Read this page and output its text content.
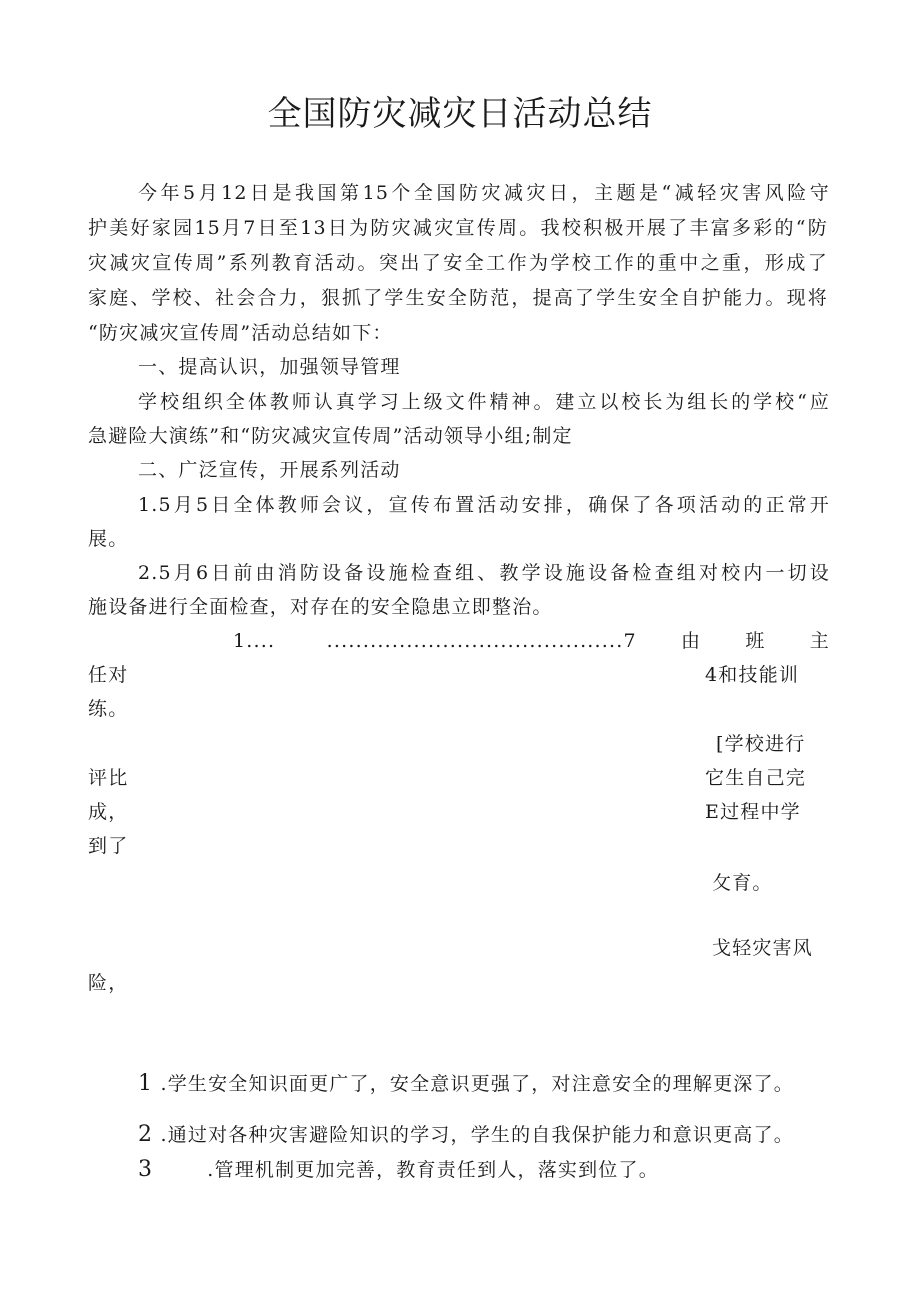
全国防灾减灾日活动总结
今年5月12日是我国第15个全国防灾减灾日，主题是“减轻灾害风险守
护美好家园15月7日至13日为防灾减灾宣传周。我校积极开展了丰富多彩的“防
灾减灾宣传周”系列教育活动。突出了安全工作为学校工作的重中之重，形成了
家庭、学校、社会合力，狠抓了学生安全防范，提高了学生安全自护能力。现将
“防灾减灾宣传周”活动总结如下：
一、提高认识，加强领导管理
学校组织全体教师认真学习上级文件精神。建立以校长为组长的学校“应
急避险大演练”和“防灾减灾宣传周”活动领导小组;制定
二、广泛宣传，开展系列活动
1.5月5日全体教师会议，宣传布置活动安排，确保了各项活动的正常开
展。
2.5月6日前由消防设备设施检查组、教学设施设备检查组对校内一切设
施设备进行全面检查，对存在的安全隐患立即整治。
1.... .........................................7由班主
任对	4和技能训
练。
[学校进行
评比	它生自己完
成，	E过程中学
到了
攵育。
戈轻灾害风
险，
1 .学生安全知识面更广了，安全意识更强了，对注意安全的理解更深了。
2 .通过对各种灾害避险知识的学习，学生的自我保护能力和意识更高了。
3	.管理机制更加完善，教育责任到人，落实到位了。
